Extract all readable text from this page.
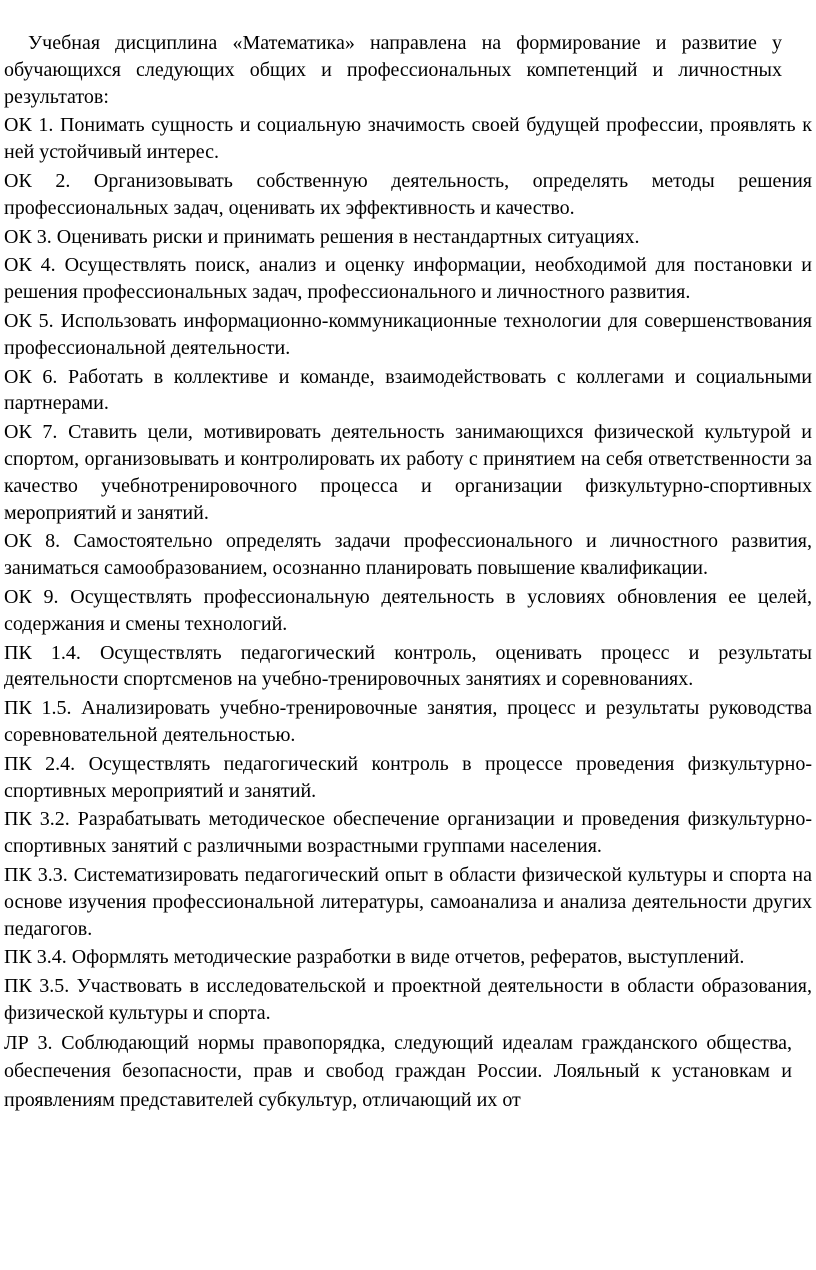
Учебная дисциплина «Математика» направлена на формирование и развитие у обучающихся следующих общих и профессиональных компетенций и личностных результатов:

ОК 1. Понимать сущность и социальную значимость своей будущей профессии, проявлять к ней устойчивый интерес.

ОК 2. Организовывать собственную деятельность, определять методы решения профессиональных задач, оценивать их эффективность и качество.

ОК 3. Оценивать риски и принимать решения в нестандартных ситуациях.

ОК 4. Осуществлять поиск, анализ и оценку информации, необходимой для постановки и решения профессиональных задач, профессионального и личностного развития.

ОК 5. Использовать информационно-коммуникационные технологии для совершенствования профессиональной деятельности.

ОК 6. Работать в коллективе и команде, взаимодействовать с коллегами и социальными партнерами.

ОК 7. Ставить цели, мотивировать деятельность занимающихся физической культурой и спортом, организовывать и контролировать их работу с принятием на себя ответственности за качество учебнотренировочного процесса и организации физкультурно-спортивных мероприятий и занятий.

ОК 8. Самостоятельно определять задачи профессионального и личностного развития, заниматься самообразованием, осознанно планировать повышение квалификации.

ОК 9. Осуществлять профессиональную деятельность в условиях обновления ее целей, содержания и смены технологий.

ПК 1.4. Осуществлять педагогический контроль, оценивать процесс и результаты деятельности спортсменов на учебно-тренировочных занятиях и соревнованиях.

ПК 1.5. Анализировать учебно-тренировочные занятия, процесс и результаты руководства соревновательной деятельностью.

ПК 2.4. Осуществлять педагогический контроль в процессе проведения физкультурно-спортивных мероприятий и занятий.

ПК 3.2. Разрабатывать методическое обеспечение организации и проведения физкультурно-спортивных занятий с различными возрастными группами населения.

ПК 3.3. Систематизировать педагогический опыт в области физической культуры и спорта на основе изучения профессиональной литературы, самоанализа и анализа деятельности других педагогов.

ПК 3.4. Оформлять методические разработки в виде отчетов, рефератов, выступлений.

ПК 3.5. Участвовать в исследовательской и проектной деятельности в области образования, физической культуры и спорта.

ЛР 3. Соблюдающий нормы правопорядка, следующий идеалам гражданского общества, обеспечения безопасности, прав и свобод граждан России. Лояльный к установкам и проявлениям представителей субкультур, отличающий их от
